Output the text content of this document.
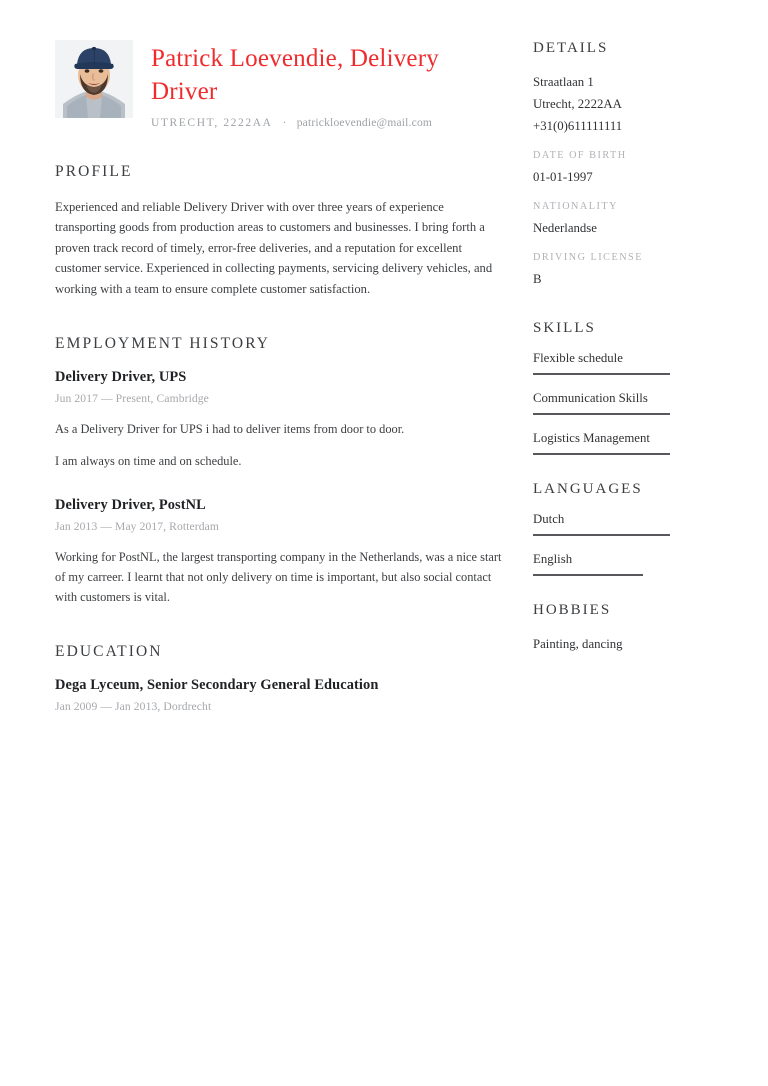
Patrick Loevendie, Delivery Driver
UTRECHT, 2222AA · patrickloevendie@mail.com
PROFILE

Experienced and reliable Delivery Driver with over three years of experience transporting goods from production areas to customers and businesses. I bring forth a proven track record of timely, error-free deliveries, and a reputation for excellent customer service. Experienced in collecting payments, servicing delivery vehicles, and working with a team to ensure complete customer satisfaction.

EMPLOYMENT HISTORY
Delivery Driver, UPS
Jun 2017 — Present, Cambridge

As a Delivery Driver for UPS i had to deliver items from door to door.

I am always on time and on schedule.

Delivery Driver, PostNL
Jan 2013 — May 2017, Rotterdam

Working for PostNL, the largest transporting company in the Netherlands, was a nice start of my carreer. I learnt that not only delivery on time is important, but also social contact with customers is vital.

EDUCATION
Dega Lyceum, Senior Secondary General Education
Jan 2009 — Jan 2013, Dordrecht
DETAILS
Straatlaan 1
Utrecht, 2222AA
+31(0)611111111
DATE OF BIRTH
01-01-1997
NATIONALITY
Nederlandse
DRIVING LICENSE
B
SKILLS
Flexible schedule
Communication Skills
Logistics Management
LANGUAGES
Dutch
English
HOBBIES
Painting, dancing
